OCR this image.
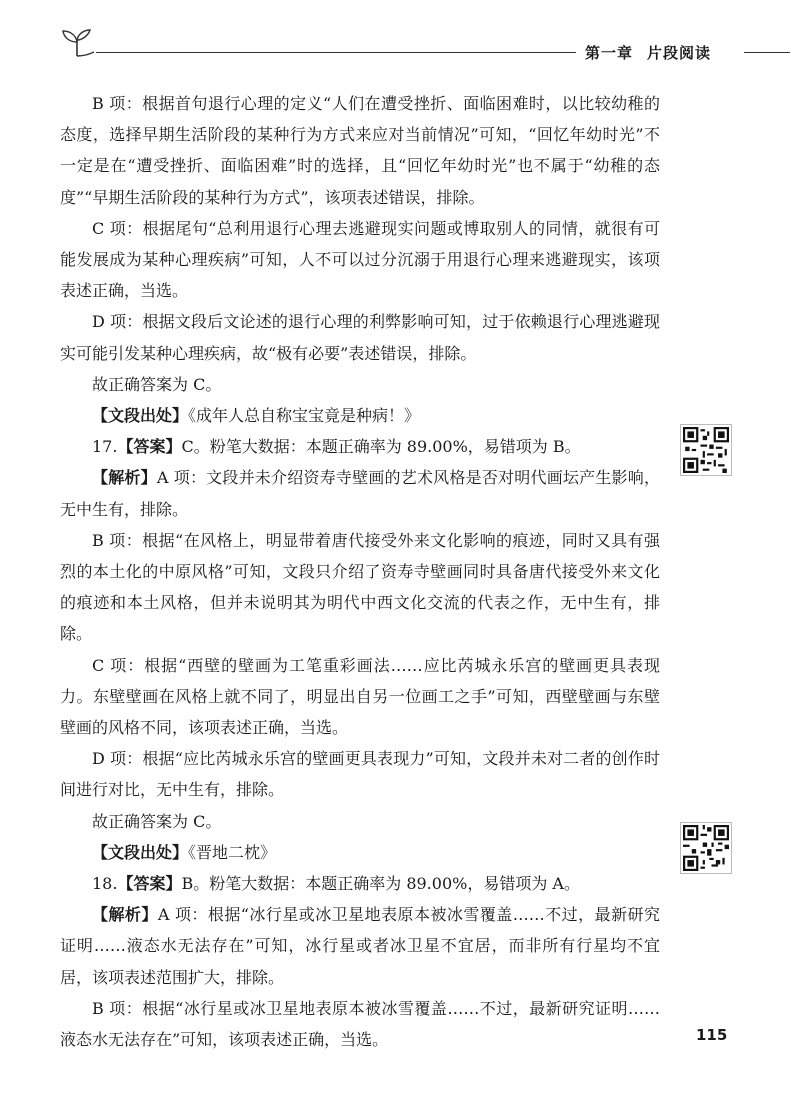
第一章 片段阅读

B 项：根据首句退行心理的定义“人们在遭受挫折、面临困难时，以比较幼稚的态度，选择早期生活阶段的某种行为方式来应对当前情况”可知，“回忆年幼时光”不一定是在“遭受挫折、面临困难”时的选择，且“回忆年幼时光”也不属于“幼稚的态度”“早期生活阶段的某种行为方式”，该项表述错误，排除。

C 项：根据尾句“总利用退行心理去逃避现实问题或博取别人的同情，就很有可能发展成为某种心理疾病”可知，人不可以过分沉溺于用退行心理来逃避现实，该项表述正确，当选。

D 项：根据文段后文论述的退行心理的利弊影响可知，过于依赖退行心理逃避现实可能引发某种心理疾病，故“极有必要”表述错误，排除。

故正确答案为 C。

【文段出处】《成年人总自称宝宝竟是种病！》

17.【答案】C。粉笔大数据：本题正确率为 89.00%，易错项为 B。

【解析】A 项：文段并未介绍资寿寺壁画的艺术风格是否对明代画坛产生影响，无中生有，排除。

B 项：根据“在风格上，明显带着唐代接受外来文化影响的痕迹，同时又具有强烈的本土化的中原风格”可知，文段只介绍了资寿寺壁画同时具备唐代接受外来文化的痕迹和本土风格，但并未说明其为明代中西文化交流的代表之作，无中生有，排除。

C 项：根据“西壁的壁画为工笔重彩画法……应比芮城永乐宫的壁画更具表现力。东壁壁画在风格上就不同了，明显出自另一位画工之手”可知，西壁壁画与东壁壁画的风格不同，该项表述正确，当选。

D 项：根据“应比芮城永乐宫的壁画更具表现力”可知，文段并未对二者的创作时间进行对比，无中生有，排除。

故正确答案为 C。

【文段出处】《晋地二枕》

18.【答案】B。粉笔大数据：本题正确率为 89.00%，易错项为 A。

【解析】A 项：根据“冰行星或冰卫星地表原本被冰雪覆盖……不过，最新研究证明……液态水无法存在”可知，冰行星或者冰卫星不宜居，而非所有行星均不宜居，该项表述范围扩大，排除。

B 项：根据“冰行星或冰卫星地表原本被冰雪覆盖……不过，最新研究证明……液态水无法存在”可知，该项表述正确，当选。	115
